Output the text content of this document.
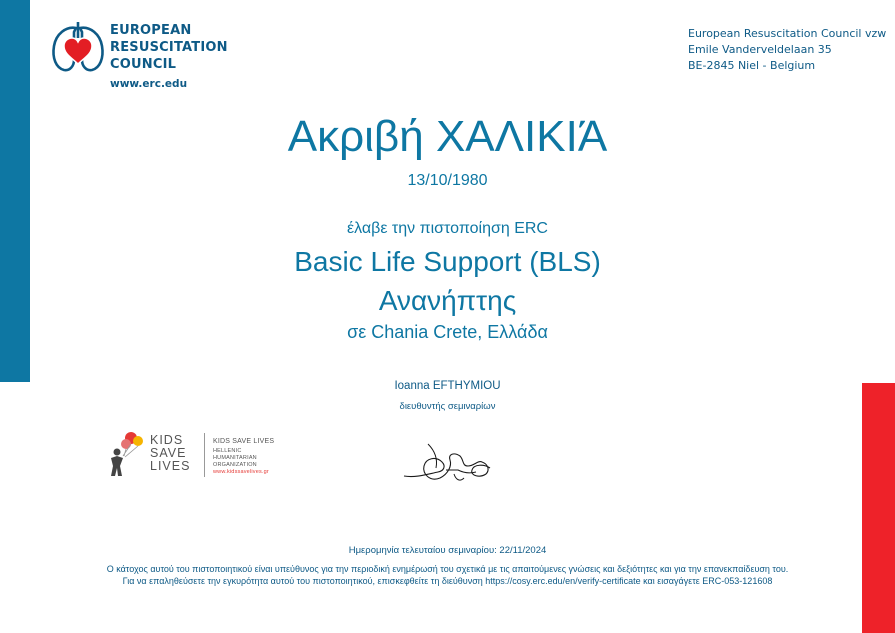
EUROPEAN
RESUSCITATION
COUNCIL
www.erc.edu
European Resuscitation Council vzw
Emile Vanderveldelaan 35
BE-2845 Niel - Belgium
Ακριβή ΧΑΛΙΚΙΆ
13/10/1980
έλαβε την πιστοποίηση ERC
Basic Life Support (BLS)
Ανανήπτης
σε Chania Crete, Ελλάδα
Ioanna EFTHYMIOU
διευθυντής σεμιναρίων
KIDS
SAVE
LIVES
KIDS SAVE LIVES
HELLENIC HUMANITARIAN
ORGANIZATION
www.kidssavelives.gr
Ημερομηνία τελευταίου σεμιναρίου: 22/11/2024
Ο κάτοχος αυτού του πιστοποιητικού είναι υπεύθυνος για την περιοδική ενημέρωσή του σχετικά με τις απαιτούμενες γνώσεις και δεξιότητες και για την επανεκπαίδευση του.
Για να επαληθεύσετε την εγκυρότητα αυτού του πιστοποιητικού, επισκεφθείτε τη διεύθυνση https://cosy.erc.edu/en/verify-certificate και εισαγάγετε ERC-053-121608
